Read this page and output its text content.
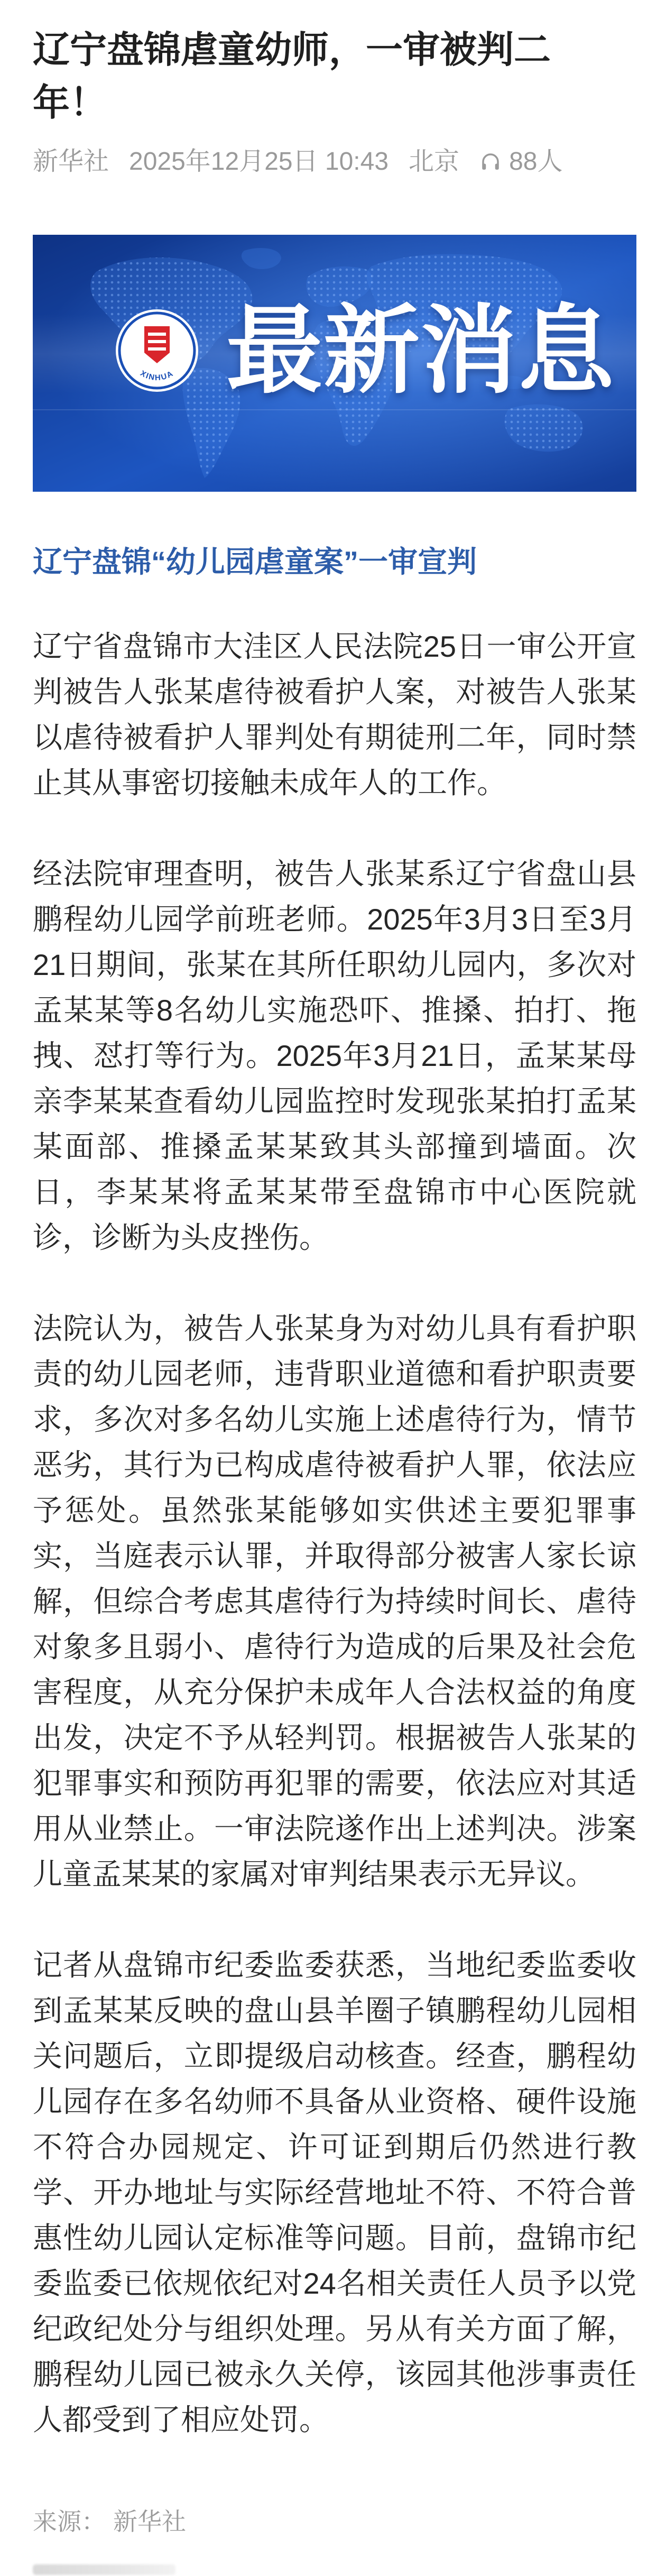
辽宁盘锦虐童幼师，一审被判二
年！
新华社 2025年12月25日 10:43 北京 88人
XINHUA 最新消息
辽宁盘锦“幼儿园虐童案”一审宣判
辽宁省盘锦市大洼区人民法院25日一审公开宣
判被告人张某虐待被看护人案，对被告人张某
以虐待被看护人罪判处有期徒刑二年，同时禁
止其从事密切接触未成年人的工作。
经法院审理查明，被告人张某系辽宁省盘山县
鹏程幼儿园学前班老师。2025年3月3日至3月
21日期间，张某在其所任职幼儿园内，多次对
孟某某等8名幼儿实施恐吓、推搡、拍打、拖
拽、怼打等行为。2025年3月21日，孟某某母
亲李某某查看幼儿园监控时发现张某拍打孟某
某面部、推搡孟某某致其头部撞到墙面。次
日，李某某将孟某某带至盘锦市中心医院就
诊，诊断为头皮挫伤。
法院认为，被告人张某身为对幼儿具有看护职
责的幼儿园老师，违背职业道德和看护职责要
求，多次对多名幼儿实施上述虐待行为，情节
恶劣，其行为已构成虐待被看护人罪，依法应
予惩处。虽然张某能够如实供述主要犯罪事
实，当庭表示认罪，并取得部分被害人家长谅
解，但综合考虑其虐待行为持续时间长、虐待
对象多且弱小、虐待行为造成的后果及社会危
害程度，从充分保护未成年人合法权益的角度
出发，决定不予从轻判罚。根据被告人张某的
犯罪事实和预防再犯罪的需要，依法应对其适
用从业禁止。一审法院遂作出上述判决。涉案
儿童孟某某的家属对审判结果表示无异议。
记者从盘锦市纪委监委获悉，当地纪委监委收
到孟某某反映的盘山县羊圈子镇鹏程幼儿园相
关问题后，立即提级启动核查。经查，鹏程幼
儿园存在多名幼师不具备从业资格、硬件设施
不符合办园规定、许可证到期后仍然进行教
学、开办地址与实际经营地址不符、不符合普
惠性幼儿园认定标准等问题。目前，盘锦市纪
委监委已依规依纪对24名相关责任人员予以党
纪政纪处分与组织处理。另从有关方面了解，
鹏程幼儿园已被永久关停，该园其他涉事责任
人都受到了相应处罚。
来源： 新华社
